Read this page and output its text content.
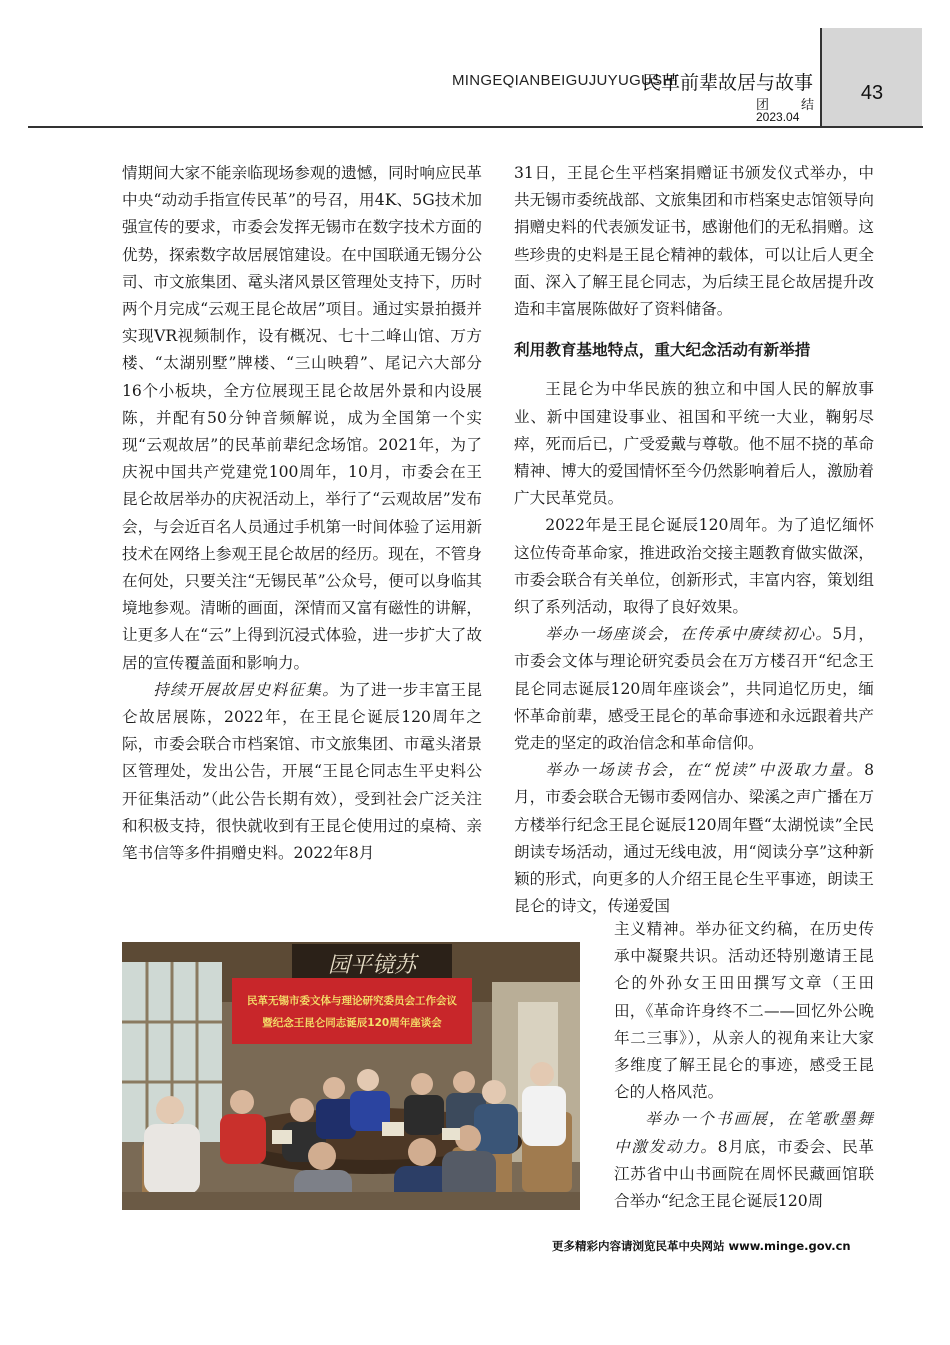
43
MINGEQIANBEIGUJUYUGUSHI
民革前辈故居与故事
团结
2023.04

情期间大家不能亲临现场参观的遗憾，同时响应民革中央“动动手指宣传民革”的号召，用4K、5G技术加强宣传的要求，市委会发挥无锡市在数字技术方面的优势，探索数字故居展馆建设。在中国联通无锡分公司、市文旅集团、鼋头渚风景区管理处支持下，历时两个月完成“云观王昆仑故居”项目。通过实景拍摄并实现VR视频制作，设有概况、七十二峰山馆、万方楼、“太湖别墅”牌楼、“三山映碧”、尾记六大部分16个小板块，全方位展现王昆仑故居外景和内设展陈，并配有50分钟音频解说，成为全国第一个实现“云观故居”的民革前辈纪念场馆。2021年，为了庆祝中国共产党建党100周年，10月，市委会在王昆仑故居举办的庆祝活动上，举行了“云观故居”发布会，与会近百名人员通过手机第一时间体验了运用新技术在网络上参观王昆仑故居的经历。现在，不管身在何处，只要关注“无锡民革”公众号，便可以身临其境地参观。清晰的画面，深情而又富有磁性的讲解，让更多人在“云”上得到沉浸式体验，进一步扩大了故居的宣传覆盖面和影响力。

持续开展故居史料征集。为了进一步丰富王昆仑故居展陈，2022年，在王昆仑诞辰120周年之际，市委会联合市档案馆、市文旅集团、市鼋头渚景区管理处，发出公告，开展“王昆仑同志生平史料公开征集活动”（此公告长期有效），受到社会广泛关注和积极支持，很快就收到有王昆仑使用过的桌椅、亲笔书信等多件捐赠史料。2022年8月

31日，王昆仑生平档案捐赠证书颁发仪式举办，中共无锡市委统战部、文旅集团和市档案史志馆领导向捐赠史料的代表颁发证书，感谢他们的无私捐赠。这些珍贵的史料是王昆仑精神的载体，可以让后人更全面、深入了解王昆仑同志，为后续王昆仑故居提升改造和丰富展陈做好了资料储备。

利用教育基地特点，重大纪念活动有新举措

王昆仑为中华民族的独立和中国人民的解放事业、新中国建设事业、祖国和平统一大业，鞠躬尽瘁，死而后已，广受爱戴与尊敬。他不屈不挠的革命精神、博大的爱国情怀至今仍然影响着后人，激励着广大民革党员。

2022年是王昆仑诞辰120周年。为了追忆缅怀这位传奇革命家，推进政治交接主题教育做实做深，市委会联合有关单位，创新形式，丰富内容，策划组织了系列活动，取得了良好效果。

举办一场座谈会，在传承中赓续初心。5月，市委会文体与理论研究委员会在万方楼召开“纪念王昆仑同志诞辰120周年座谈会”，共同追忆历史，缅怀革命前辈，感受王昆仑的革命事迹和永远跟着共产党走的坚定的政治信念和革命信仰。

举办一场读书会，在“悦读”中汲取力量。8月，市委会联合无锡市委网信办、梁溪之声广播在万方楼举行纪念王昆仑诞辰120周年暨“太湖悦读”全民朗读专场活动，通过无线电波，用“阅读分享”这种新颖的形式，向更多的人介绍王昆仑生平事迹，朗读王昆仑的诗文，传递爱国

主义精神。举办征文约稿，在历史传承中凝聚共识。活动还特别邀请王昆仑的外孙女王田田撰写文章（王田田，《革命许身终不二——回忆外公晚年二三事》），从亲人的视角来让大家多维度了解王昆仑的事迹，感受王昆仑的人格风范。

举办一个书画展，在笔歌墨舞中激发动力。8月底，市委会、民革江苏省中山书画院在周怀民藏画馆联合举办“纪念王昆仑诞辰120周

园平镜苏
民革无锡市委文体与理论研究委员会工作会议
暨纪念王昆仑同志诞辰120周年座谈会
更多精彩内容请浏览民革中央网站 www.minge.gov.cn
